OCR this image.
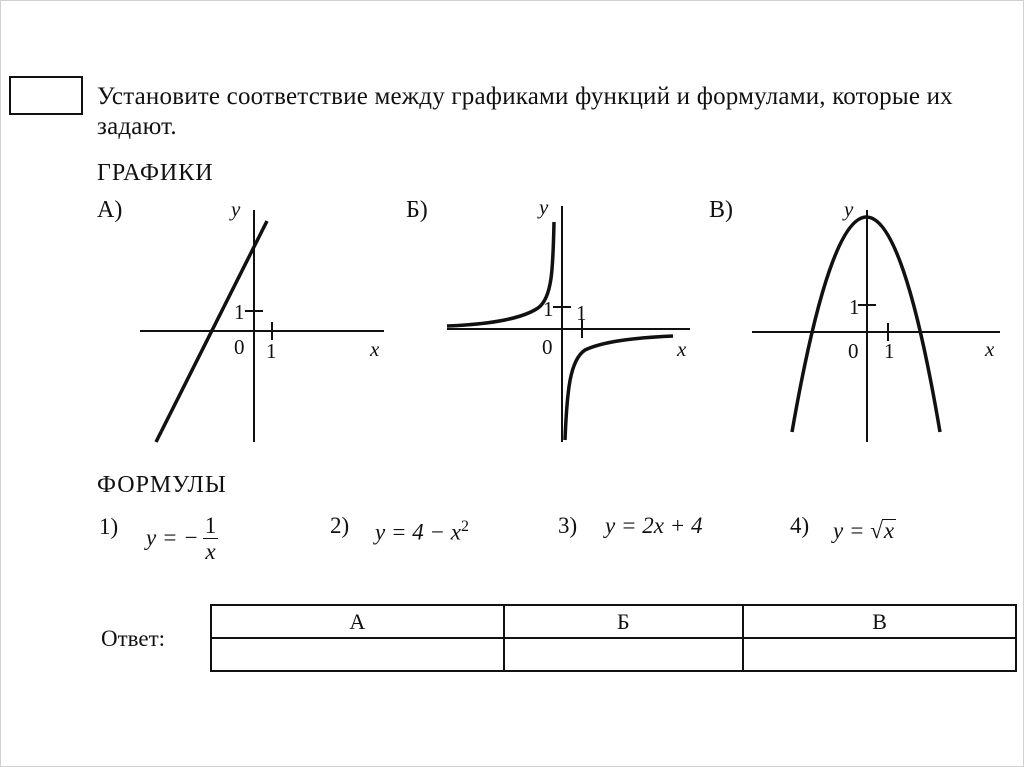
Установите соответствие между графиками функций и формулами, которые их задают.
ГРАФИКИ
А)	Б)	В)
y
x
0 1
1
y
x
0
1
1
y
x
0 1
1
ФОРМУЛЫ
1) y = − $\frac{1}{x}$	2) $y = 4 - x^2$	3) y = 2x + 4	4) y = √x
Ответ:
А	Б	В
